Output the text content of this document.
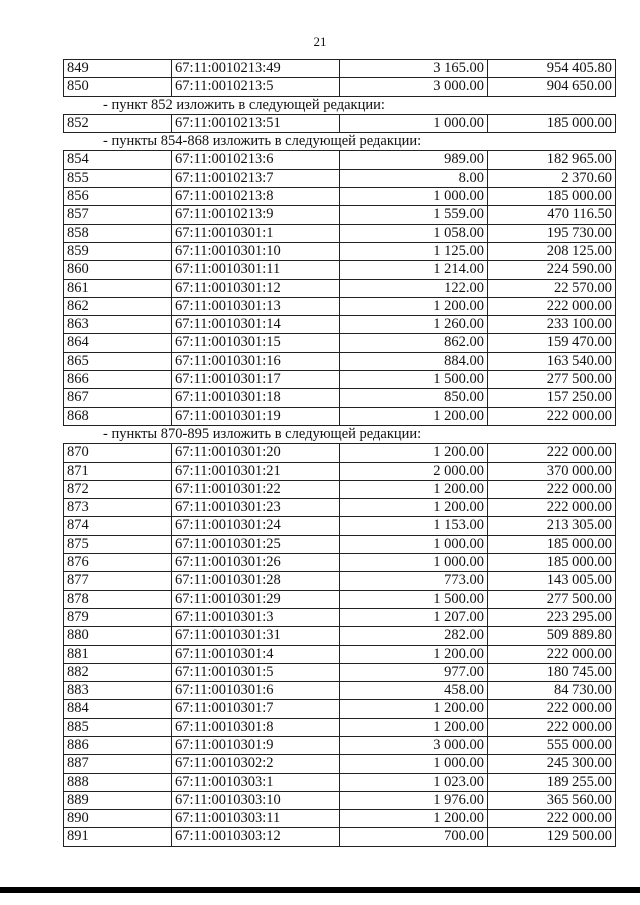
21
849	67:11:0010213:49	3 165.00	954 405.80
850	67:11:0010213:5	3 000.00	904 650.00
- пункт 852 изложить в следующей редакции:
852	67:11:0010213:51	1 000.00	185 000.00
- пункты 854-868 изложить в следующей редакции:
854	67:11:0010213:6	989.00	182 965.00
855	67:11:0010213:7	8.00	2 370.60
856	67:11:0010213:8	1 000.00	185 000.00
857	67:11:0010213:9	1 559.00	470 116.50
858	67:11:0010301:1	1 058.00	195 730.00
859	67:11:0010301:10	1 125.00	208 125.00
860	67:11:0010301:11	1 214.00	224 590.00
861	67:11:0010301:12	122.00	22 570.00
862	67:11:0010301:13	1 200.00	222 000.00
863	67:11:0010301:14	1 260.00	233 100.00
864	67:11:0010301:15	862.00	159 470.00
865	67:11:0010301:16	884.00	163 540.00
866	67:11:0010301:17	1 500.00	277 500.00
867	67:11:0010301:18	850.00	157 250.00
868	67:11:0010301:19	1 200.00	222 000.00
- пункты 870-895 изложить в следующей редакции:
870	67:11:0010301:20	1 200.00	222 000.00
871	67:11:0010301:21	2 000.00	370 000.00
872	67:11:0010301:22	1 200.00	222 000.00
873	67:11:0010301:23	1 200.00	222 000.00
874	67:11:0010301:24	1 153.00	213 305.00
875	67:11:0010301:25	1 000.00	185 000.00
876	67:11:0010301:26	1 000.00	185 000.00
877	67:11:0010301:28	773.00	143 005.00
878	67:11:0010301:29	1 500.00	277 500.00
879	67:11:0010301:3	1 207.00	223 295.00
880	67:11:0010301:31	282.00	509 889.80
881	67:11:0010301:4	1 200.00	222 000.00
882	67:11:0010301:5	977.00	180 745.00
883	67:11:0010301:6	458.00	84 730.00
884	67:11:0010301:7	1 200.00	222 000.00
885	67:11:0010301:8	1 200.00	222 000.00
886	67:11:0010301:9	3 000.00	555 000.00
887	67:11:0010302:2	1 000.00	245 300.00
888	67:11:0010303:1	1 023.00	189 255.00
889	67:11:0010303:10	1 976.00	365 560.00
890	67:11:0010303:11	1 200.00	222 000.00
891	67:11:0010303:12	700.00	129 500.00
